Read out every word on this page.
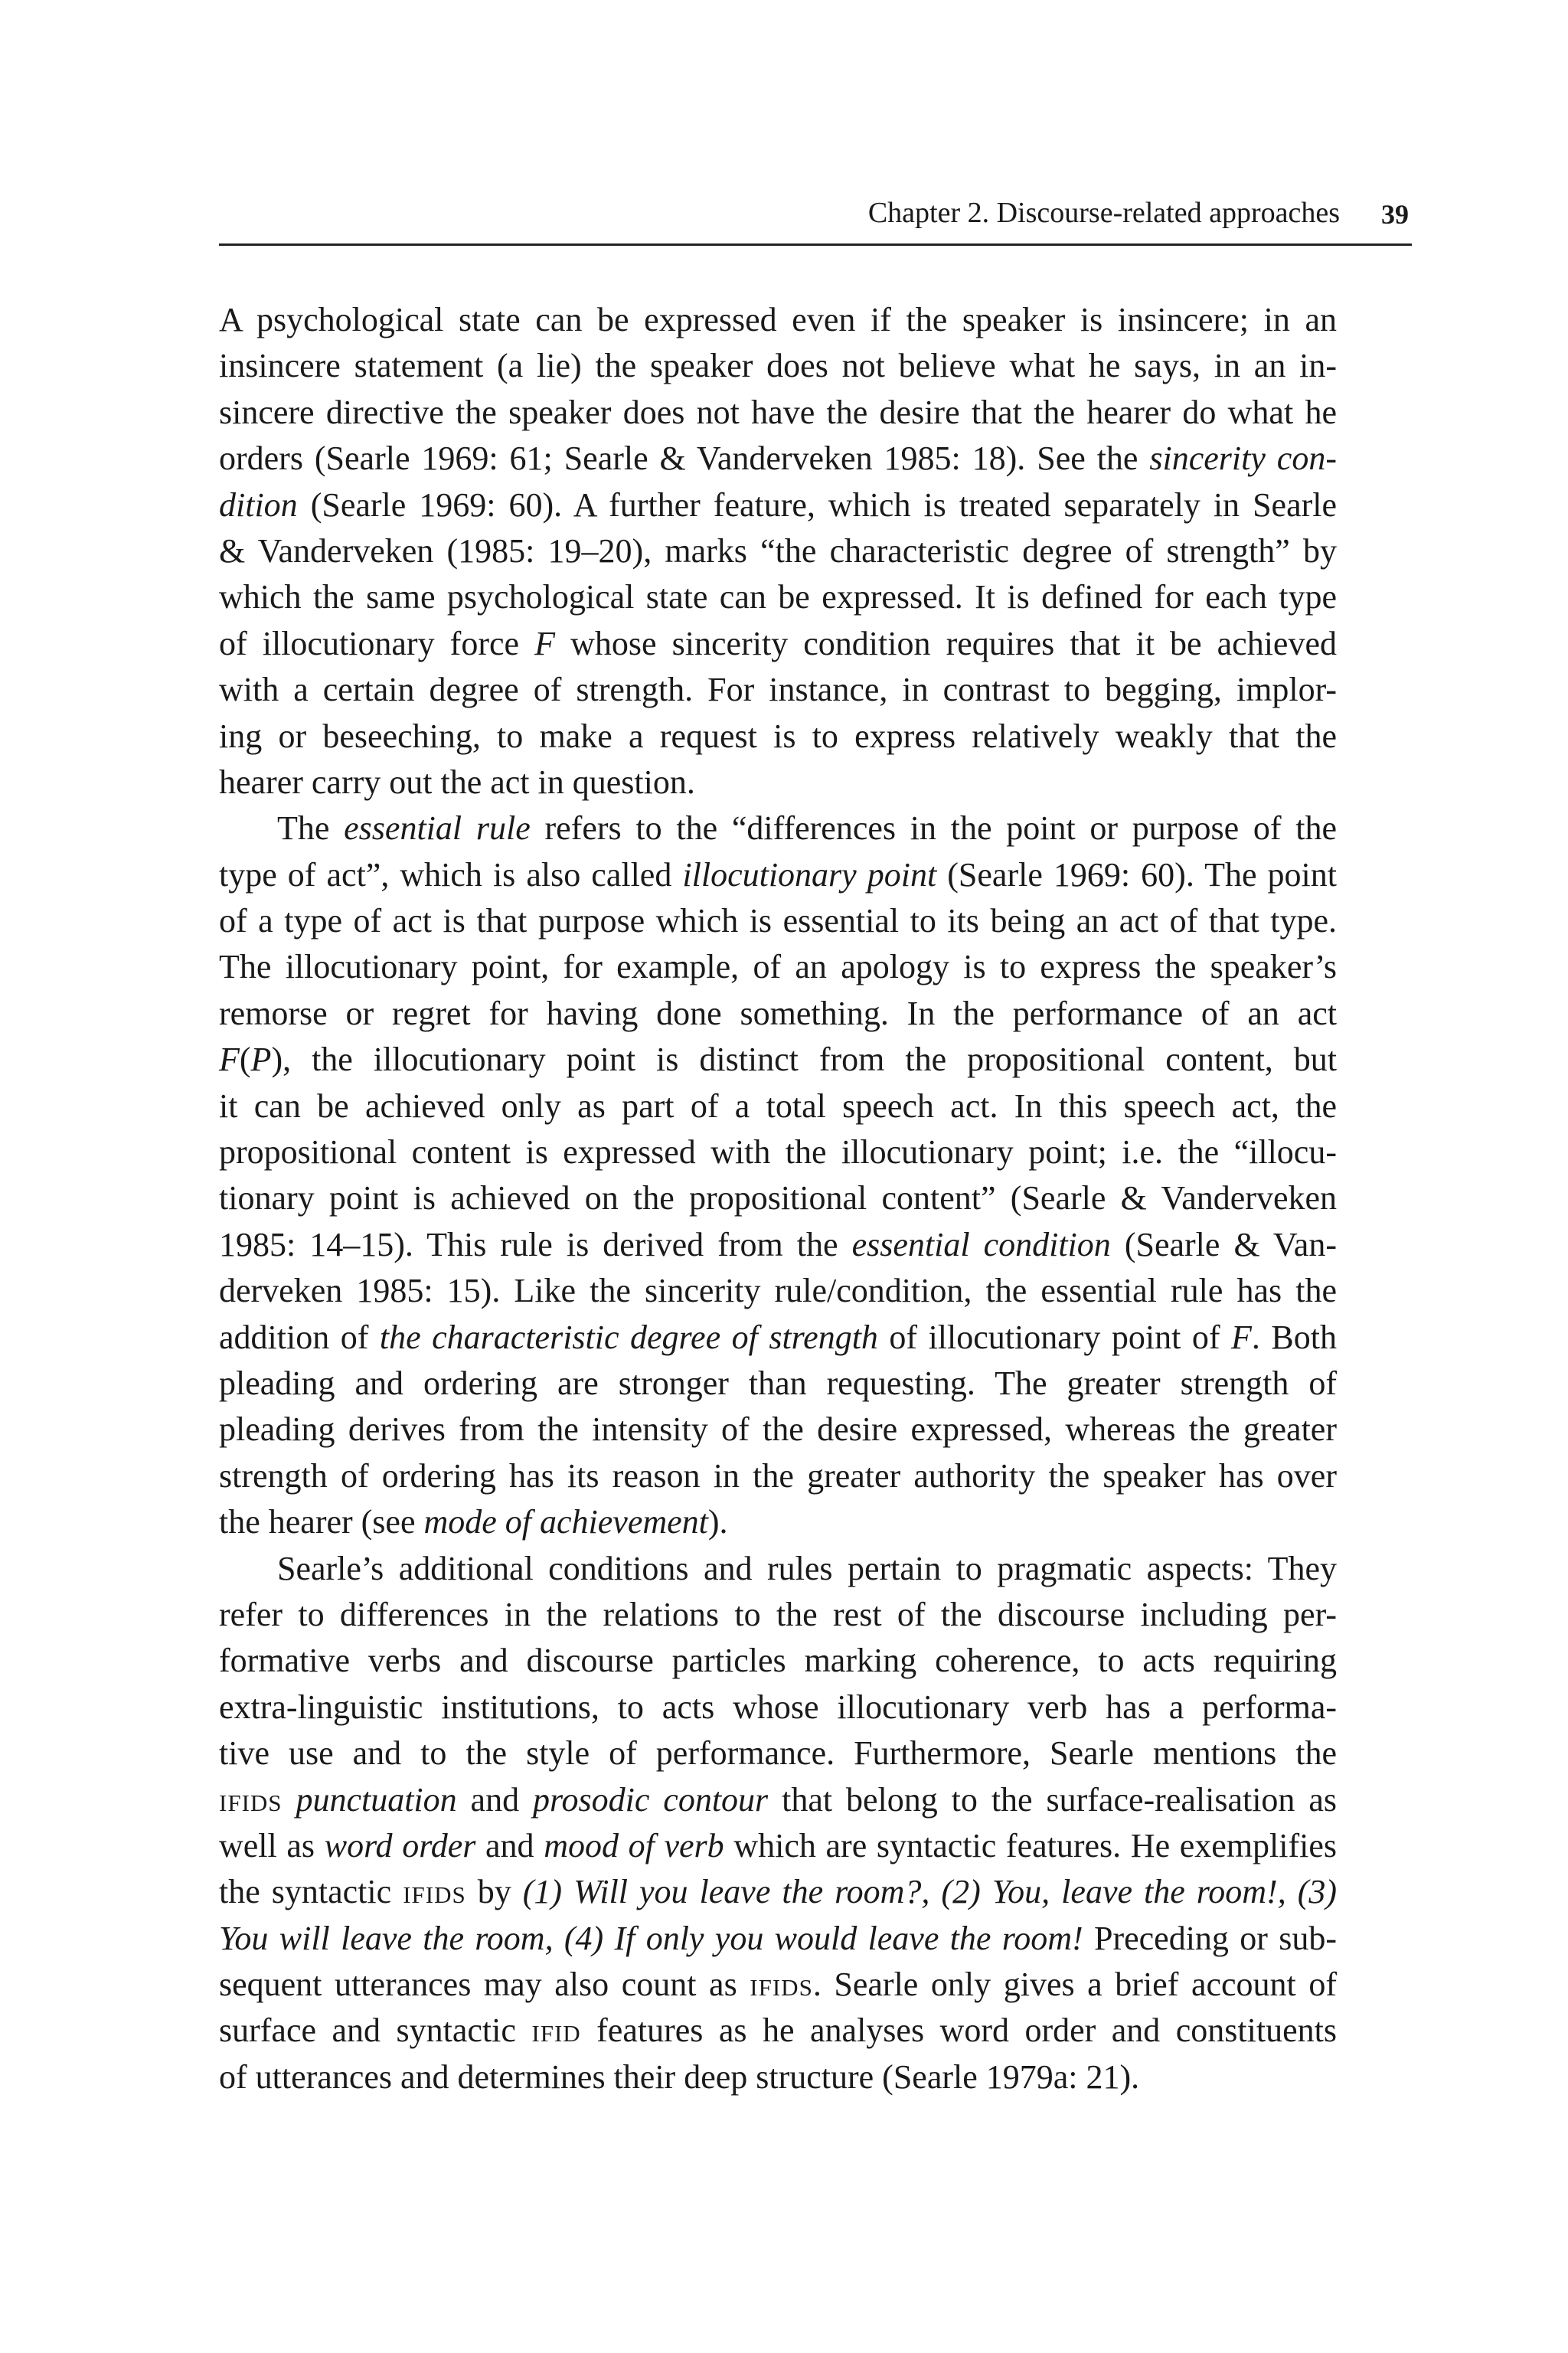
Chapter 2. Discourse-related approaches 39
A psychological state can be expressed even if the speaker is insincere; in an
insincere statement (a lie) the speaker does not believe what he says, in an in-
sincere directive the speaker does not have the desire that the hearer do what he
orders (Searle 1969: 61; Searle & Vanderveken 1985: 18). See the sincerity con-
dition (Searle 1969: 60). A further feature, which is treated separately in Searle
& Vanderveken (1985: 19–20), marks “the characteristic degree of strength” by
which the same psychological state can be expressed. It is defined for each type
of illocutionary force F whose sincerity condition requires that it be achieved
with a certain degree of strength. For instance, in contrast to begging, implor-
ing or beseeching, to make a request is to express relatively weakly that the
hearer carry out the act in question.
The essential rule refers to the “differences in the point or purpose of the
type of act”, which is also called illocutionary point (Searle 1969: 60). The point
of a type of act is that purpose which is essential to its being an act of that type.
The illocutionary point, for example, of an apology is to express the speaker’s
remorse or regret for having done something. In the performance of an act
F(P), the illocutionary point is distinct from the propositional content, but
it can be achieved only as part of a total speech act. In this speech act, the
propositional content is expressed with the illocutionary point; i.e. the “illocu-
tionary point is achieved on the propositional content” (Searle & Vanderveken
1985: 14–15). This rule is derived from the essential condition (Searle & Van-
derveken 1985: 15). Like the sincerity rule/condition, the essential rule has the
addition of the characteristic degree of strength of illocutionary point of F. Both
pleading and ordering are stronger than requesting. The greater strength of
pleading derives from the intensity of the desire expressed, whereas the greater
strength of ordering has its reason in the greater authority the speaker has over
the hearer (see mode of achievement).
Searle’s additional conditions and rules pertain to pragmatic aspects: They
refer to differences in the relations to the rest of the discourse including per-
formative verbs and discourse particles marking coherence, to acts requiring
extra-linguistic institutions, to acts whose illocutionary verb has a performa-
tive use and to the style of performance. Furthermore, Searle mentions the
ifids punctuation and prosodic contour that belong to the surface-realisation as
well as word order and mood of verb which are syntactic features. He exemplifies
the syntactic ifids by (1) Will you leave the room?, (2) You, leave the room!, (3)
You will leave the room, (4) If only you would leave the room! Preceding or sub-
sequent utterances may also count as ifids. Searle only gives a brief account of
surface and syntactic ifid features as he analyses word order and constituents
of utterances and determines their deep structure (Searle 1979a: 21).
